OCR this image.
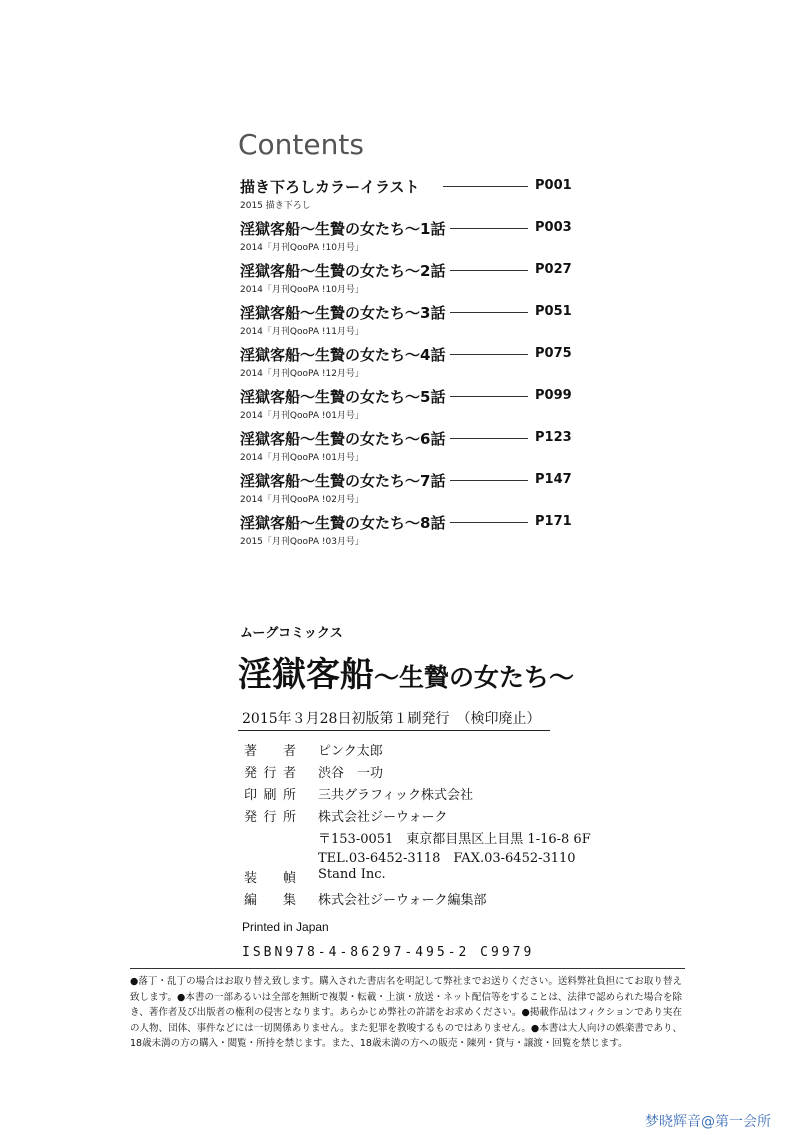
Contents
描き下ろしカラーイラスト	P001
2015 描き下ろし
淫獄客船～生贄の女たち～1話	P003
2014「月刊QooPA !10月号」
淫獄客船～生贄の女たち～2話	P027
2014「月刊QooPA !10月号」
淫獄客船～生贄の女たち～3話	P051
2014「月刊QooPA !11月号」
淫獄客船～生贄の女たち～4話	P075
2014「月刊QooPA !12月号」
淫獄客船～生贄の女たち～5話	P099
2014「月刊QooPA !01月号」
淫獄客船～生贄の女たち～6話	P123
2014「月刊QooPA !01月号」
淫獄客船～生贄の女たち～7話	P147
2014「月刊QooPA !02月号」
淫獄客船～生贄の女たち～8話	P171
2015「月刊QooPA !03月号」
ムーグコミックス
淫獄客船～生贄の女たち～
2015年３月28日初版第１刷発行　（検印廃止）
著者 ピンク太郎
発行者 渋谷　一功
印刷所 三共グラフィック株式会社
発行所 株式会社ジーウォーク
〒153-0051　東京都目黒区上目黒 1-16-8 6F
TEL.03-6452-3118　FAX.03-6452-3110
装幀 Stand Inc.
編集 株式会社ジーウォーク編集部
Printed in Japan
ISBN978-4-86297-495-2 C9979
●落丁・乱丁の場合はお取り替え致します。購入された書店名を明記して弊社までお送りください。送料弊社負担にてお取り替え致します。●本書の一部あるいは全部を無断で複製・転載・上演・放送・ネット配信等をすることは、法律で認められた場合を除き、著作者及び出版者の権利の侵害となります。あらかじめ弊社の許諾をお求めください。●掲載作品はフィクションであり実在の人物、団体、事件などには一切関係ありません。また犯罪を教唆するものではありません。●本書は大人向けの娯楽書であり、18歳未満の方の購入・閲覧・所持を禁じます。また、18歳未満の方への販売・陳列・貸与・譲渡・回覧を禁じます。
梦晓辉音@第一会所
